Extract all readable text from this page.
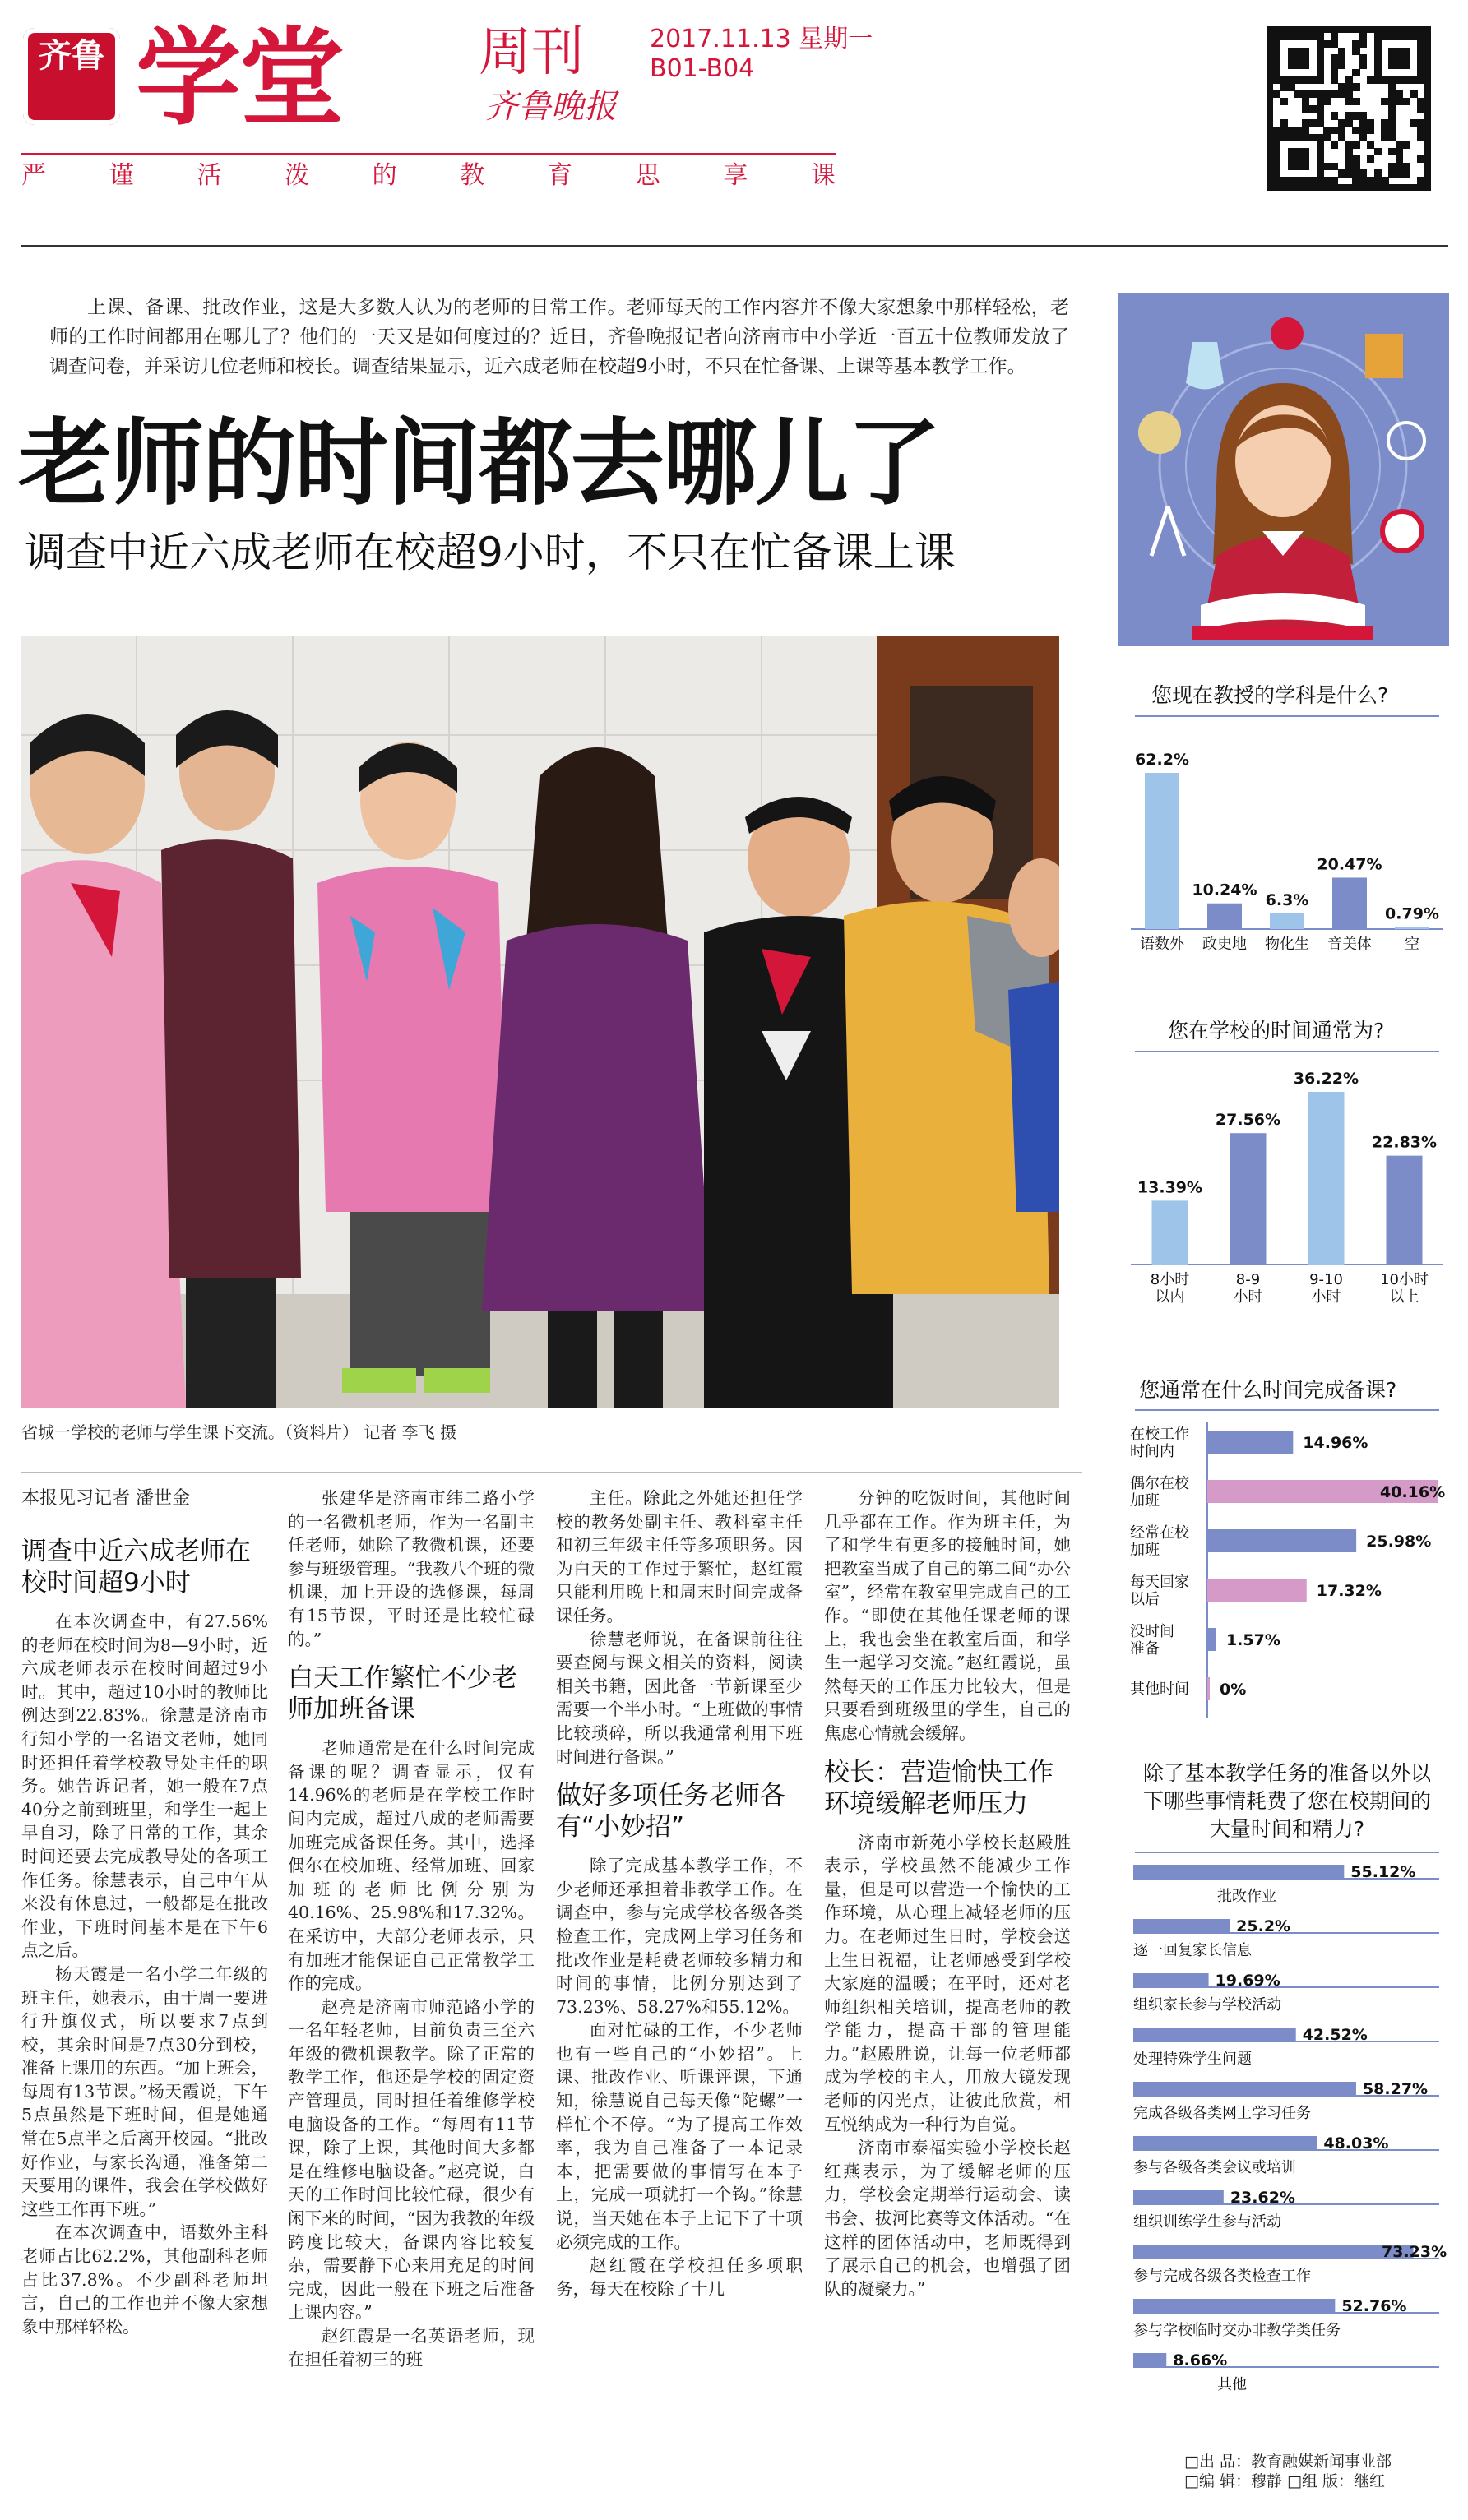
齐鲁 学堂	周刊
齐鲁晚报
2017.11.13 星期一
B01-B04
严	谨	活	泼	的	教	育	思	享	课
上课、备课、批改作业，这是大多数人认为的老师的日常工作。老师每天的工作内容并不像大家想象中那样轻松，老师的工作时间都用在哪儿了？他们的一天又是如何度过的？近日，齐鲁晚报记者向济南市中小学近一百五十位教师发放了调查问卷，并采访几位老师和校长。调查结果显示，近六成老师在校超9小时，不只在忙备课、上课等基本教学工作。
老师的时间都去哪儿了
调查中近六成老师在校超9小时，不只在忙备课上课
省城一学校的老师与学生课下交流。（资料片） 记者 李飞 摄
本报见习记者 潘世金
调查中近六成老师在校时间超9小时

在本次调查中，有27.56%的老师在校时间为8—9小时，近六成老师表示在校时间超过9小时。其中，超过10小时的教师比例达到22.83%。徐慧是济南市行知小学的一名语文老师，她同时还担任着学校教导处主任的职务。她告诉记者，她一般在7点40分之前到班里，和学生一起上早自习，除了日常的工作，其余时间还要去完成教导处的各项工作任务。徐慧表示，自己中午从来没有休息过，一般都是在批改作业，下班时间基本是在下午6点之后。

杨天霞是一名小学二年级的班主任，她表示，由于周一要进行升旗仪式，所以要求7点到校，其余时间是7点30分到校，准备上课用的东西。“加上班会，每周有13节课。”杨天霞说，下午5点虽然是下班时间，但是她通常在5点半之后离开校园。“批改好作业，与家长沟通，准备第二天要用的课件，我会在学校做好这些工作再下班。”

在本次调查中，语数外主科老师占比62.2%，其他副科老师占比37.8%。不少副科老师坦言，自己的工作也并不像大家想象中那样轻松。

张建华是济南市纬二路小学的一名微机老师，作为一名副主任老师，她除了教微机课，还要参与班级管理。“我教八个班的微机课，加上开设的选修课，每周有15节课，平时还是比较忙碌的。”

白天工作繁忙不少老师加班备课

老师通常是在什么时间完成备课的呢？调查显示，仅有14.96%的老师是在学校工作时间内完成，超过八成的老师需要加班完成备课任务。其中，选择偶尔在校加班、经常加班、回家加班的老师比例分别为40.16%、25.98%和17.32%。在采访中，大部分老师表示，只有加班才能保证自己正常教学工作的完成。

赵亮是济南市师范路小学的一名年轻老师，目前负责三至六年级的微机课教学。除了正常的教学工作，他还是学校的固定资产管理员，同时担任着维修学校电脑设备的工作。“每周有11节课，除了上课，其他时间大多都是在维修电脑设备。”赵亮说，白天的工作时间比较忙碌，很少有闲下来的时间，“因为我教的年级跨度比较大，备课内容比较复杂，需要静下心来用充足的时间完成，因此一般在下班之后准备上课内容。”

赵红霞是一名英语老师，现在担任着初三的班

主任。除此之外她还担任学校的教务处副主任、教科室主任和初三年级主任等多项职务。因为白天的工作过于繁忙，赵红霞只能利用晚上和周末时间完成备课任务。

徐慧老师说，在备课前往往要查阅与课文相关的资料，阅读相关书籍，因此备一节新课至少需要一个半小时。“上班做的事情比较琐碎，所以我通常利用下班时间进行备课。”

做好多项任务老师各有“小妙招”

除了完成基本教学工作，不少老师还承担着非教学工作。在调查中，参与完成学校各级各类检查工作，完成网上学习任务和批改作业是耗费老师较多精力和时间的事情，比例分别达到了73.23%、58.27%和55.12%。

面对忙碌的工作，不少老师也有一些自己的“小妙招”。上课、批改作业、听课评课，下通知，徐慧说自己每天像“陀螺”一样忙个不停。“为了提高工作效率，我为自己准备了一本记录本，把需要做的事情写在本子上，完成一项就打一个钩。”徐慧说，当天她在本子上记下了十项必须完成的工作。

赵红霞在学校担任多项职务，每天在校除了十几

分钟的吃饭时间，其他时间几乎都在工作。作为班主任，为了和学生有更多的接触时间，她把教室当成了自己的第二间“办公室”，经常在教室里完成自己的工作。“即使在其他任课老师的课上，我也会坐在教室后面，和学生一起学习交流。”赵红霞说，虽然每天的工作压力比较大，但是只要看到班级里的学生，自己的焦虑心情就会缓解。

校长：营造愉快工作环境缓解老师压力

济南市新苑小学校长赵殿胜表示，学校虽然不能减少工作量，但是可以营造一个愉快的工作环境，从心理上减轻老师的压力。在老师过生日时，学校会送上生日祝福，让老师感受到学校大家庭的温暖；在平时，还对老师组织相关培训，提高老师的教学能力，提高干部的管理能力。”赵殿胜说，让每一位老师都成为学校的主人，用放大镜发现老师的闪光点，让彼此欣赏，相互悦纳成为一种行为自觉。

济南市泰福实验小学校长赵红燕表示，为了缓解老师的压力，学校会定期举行运动会、读书会、拔河比赛等文体活动。“在这样的团体活动中，老师既得到了展示自己的机会，也增强了团队的凝聚力。”

您现在教授的学科是什么?
62.2%
语数外
10.24%
政史地
6.3%
物化生
20.47%
音美体
0.79%
空
您在学校的时间通常为?
13.39%
8小时以内
27.56%
8-9 小时
36.22%
9-10 小时
22.83%
10小时以上
您通常在什么时间完成备课?
在校工作时间内	14.96%
偶尔在校加班	40.16%
经常在校加班	25.98%
每天回家以后	17.32%
没时间准备	1.57%
其他时间 0%
除了基本教学任务的准备以外以下哪些事情耗费了您在校期间的大量时间和精力?
55.12%
批改作业
25.2%
逐一回复家长信息
19.69%
组织家长参与学校活动
42.52%
处理特殊学生问题
58.27%
完成各级各类网上学习任务
48.03%
参与各级各类会议或培训
23.62%
组织训练学生参与活动
73.23%
参与完成各级各类检查工作
52.76%
参与学校临时交办非教学类任务
8.66%
其他
□出 品：教育融媒新闻事业部
□编 辑：穆静 □组 版：继红
